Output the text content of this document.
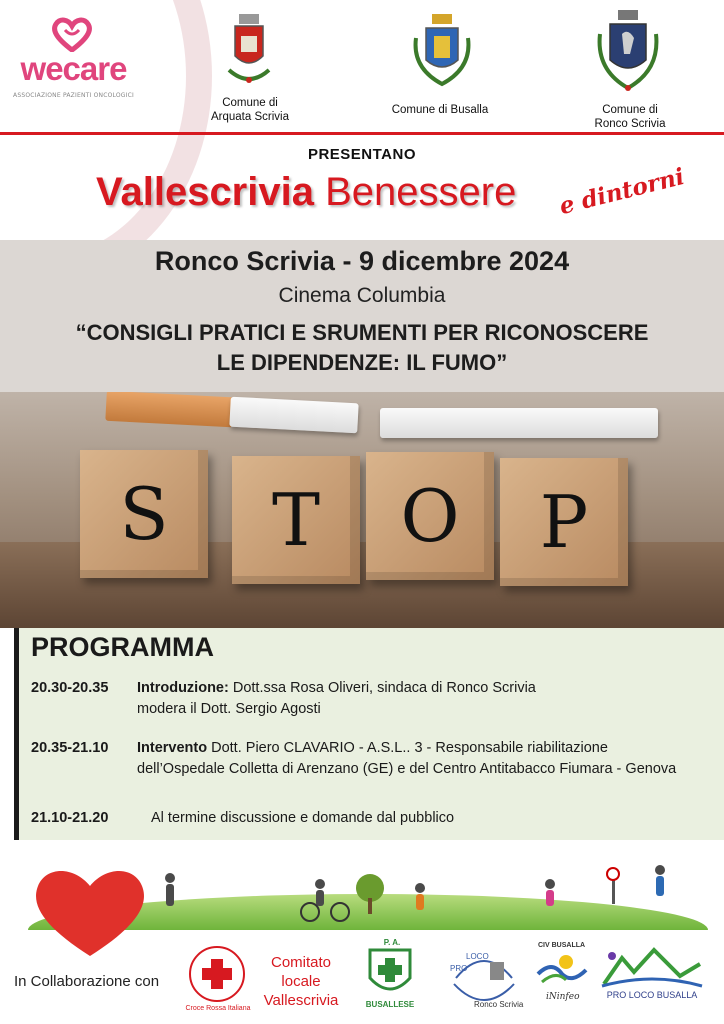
wecare
ASSOCIAZIONE PAZIENTI ONCOLOGICI
Comune di
Arquata Scrivia
Comune di Busalla	Comune di
Ronco Scrivia
PRESENTANO
Vallescrivia Benessere e dintorni
Ronco Scrivia - 9 dicembre 2024
Cinema Columbia
“CONSIGLI PRATICI E SRUMENTI PER RICONOSCERE
LE DIPENDENZE: IL FUMO”
S	T	O	P
PROGRAMMA
20.30-20.35 Introduzione: Dott.ssa Rosa Oliveri, sindaca di Ronco Scrivia
modera il Dott. Sergio Agosti
20.35-21.10 Intervento Dott. Piero CLAVARIO - A.S.L.. 3 - Responsabile riabilitazione
dell’Ospedale Colletta di Arenzano (GE) e del Centro Antitabacco Fiumara - Genova
21.10-21.20	Al termine discussione e domande dal pubblico
In Collaborazione con
Croce Rossa Italiana
Comitato locale Vallescrivia
P. A.
BUSALLESE
PRO
LOCO
Ronco Scrivia
CIV BUSALLA
iNinfeo	PRO LOCO BUSALLA
